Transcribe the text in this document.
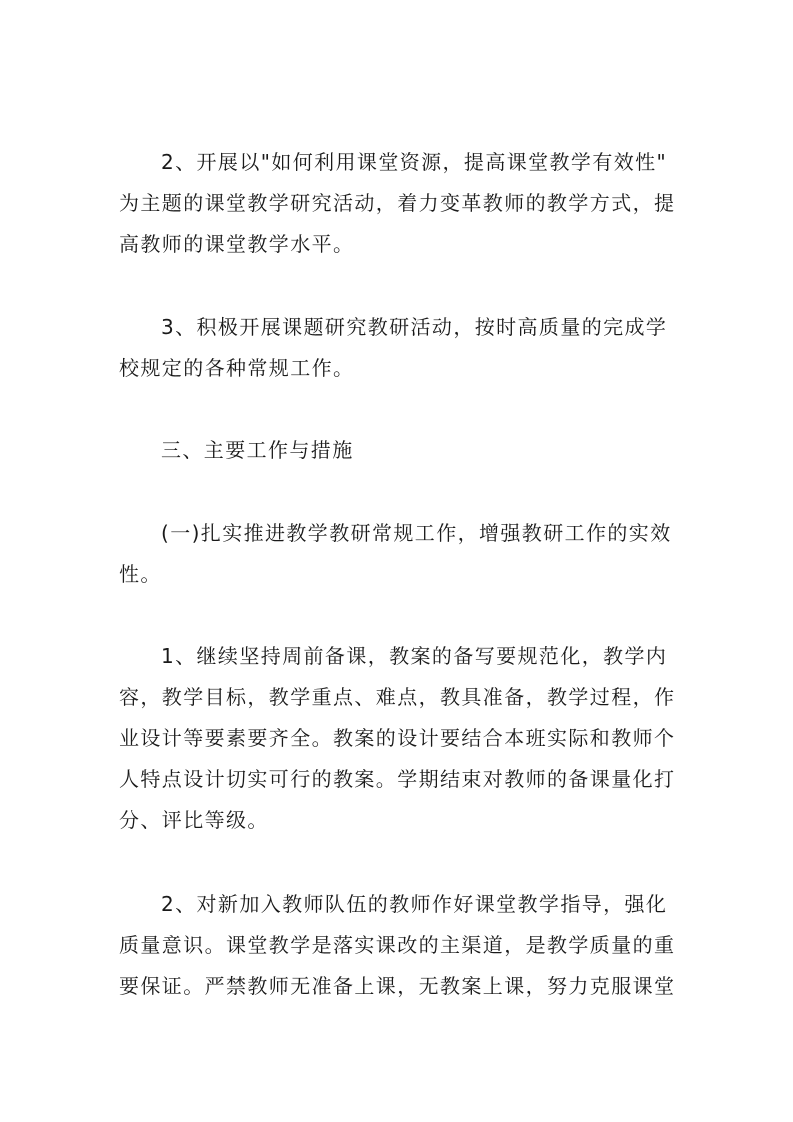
2、开展以"如何利用课堂资源，提高课堂教学有效性"
为主题的课堂教学研究活动，着力变革教师的教学方式，提
高教师的课堂教学水平。
3、积极开展课题研究教研活动，按时高质量的完成学
校规定的各种常规工作。
三、主要工作与措施
(一)扎实推进教学教研常规工作，增强教研工作的实效
性。
1、继续坚持周前备课，教案的备写要规范化，教学内
容，教学目标，教学重点、难点，教具准备，教学过程，作
业设计等要素要齐全。教案的设计要结合本班实际和教师个
人特点设计切实可行的教案。学期结束对教师的备课量化打
分、评比等级。
2、对新加入教师队伍的教师作好课堂教学指导，强化
质量意识。课堂教学是落实课改的主渠道，是教学质量的重
要保证。严禁教师无准备上课，无教案上课，努力克服课堂
